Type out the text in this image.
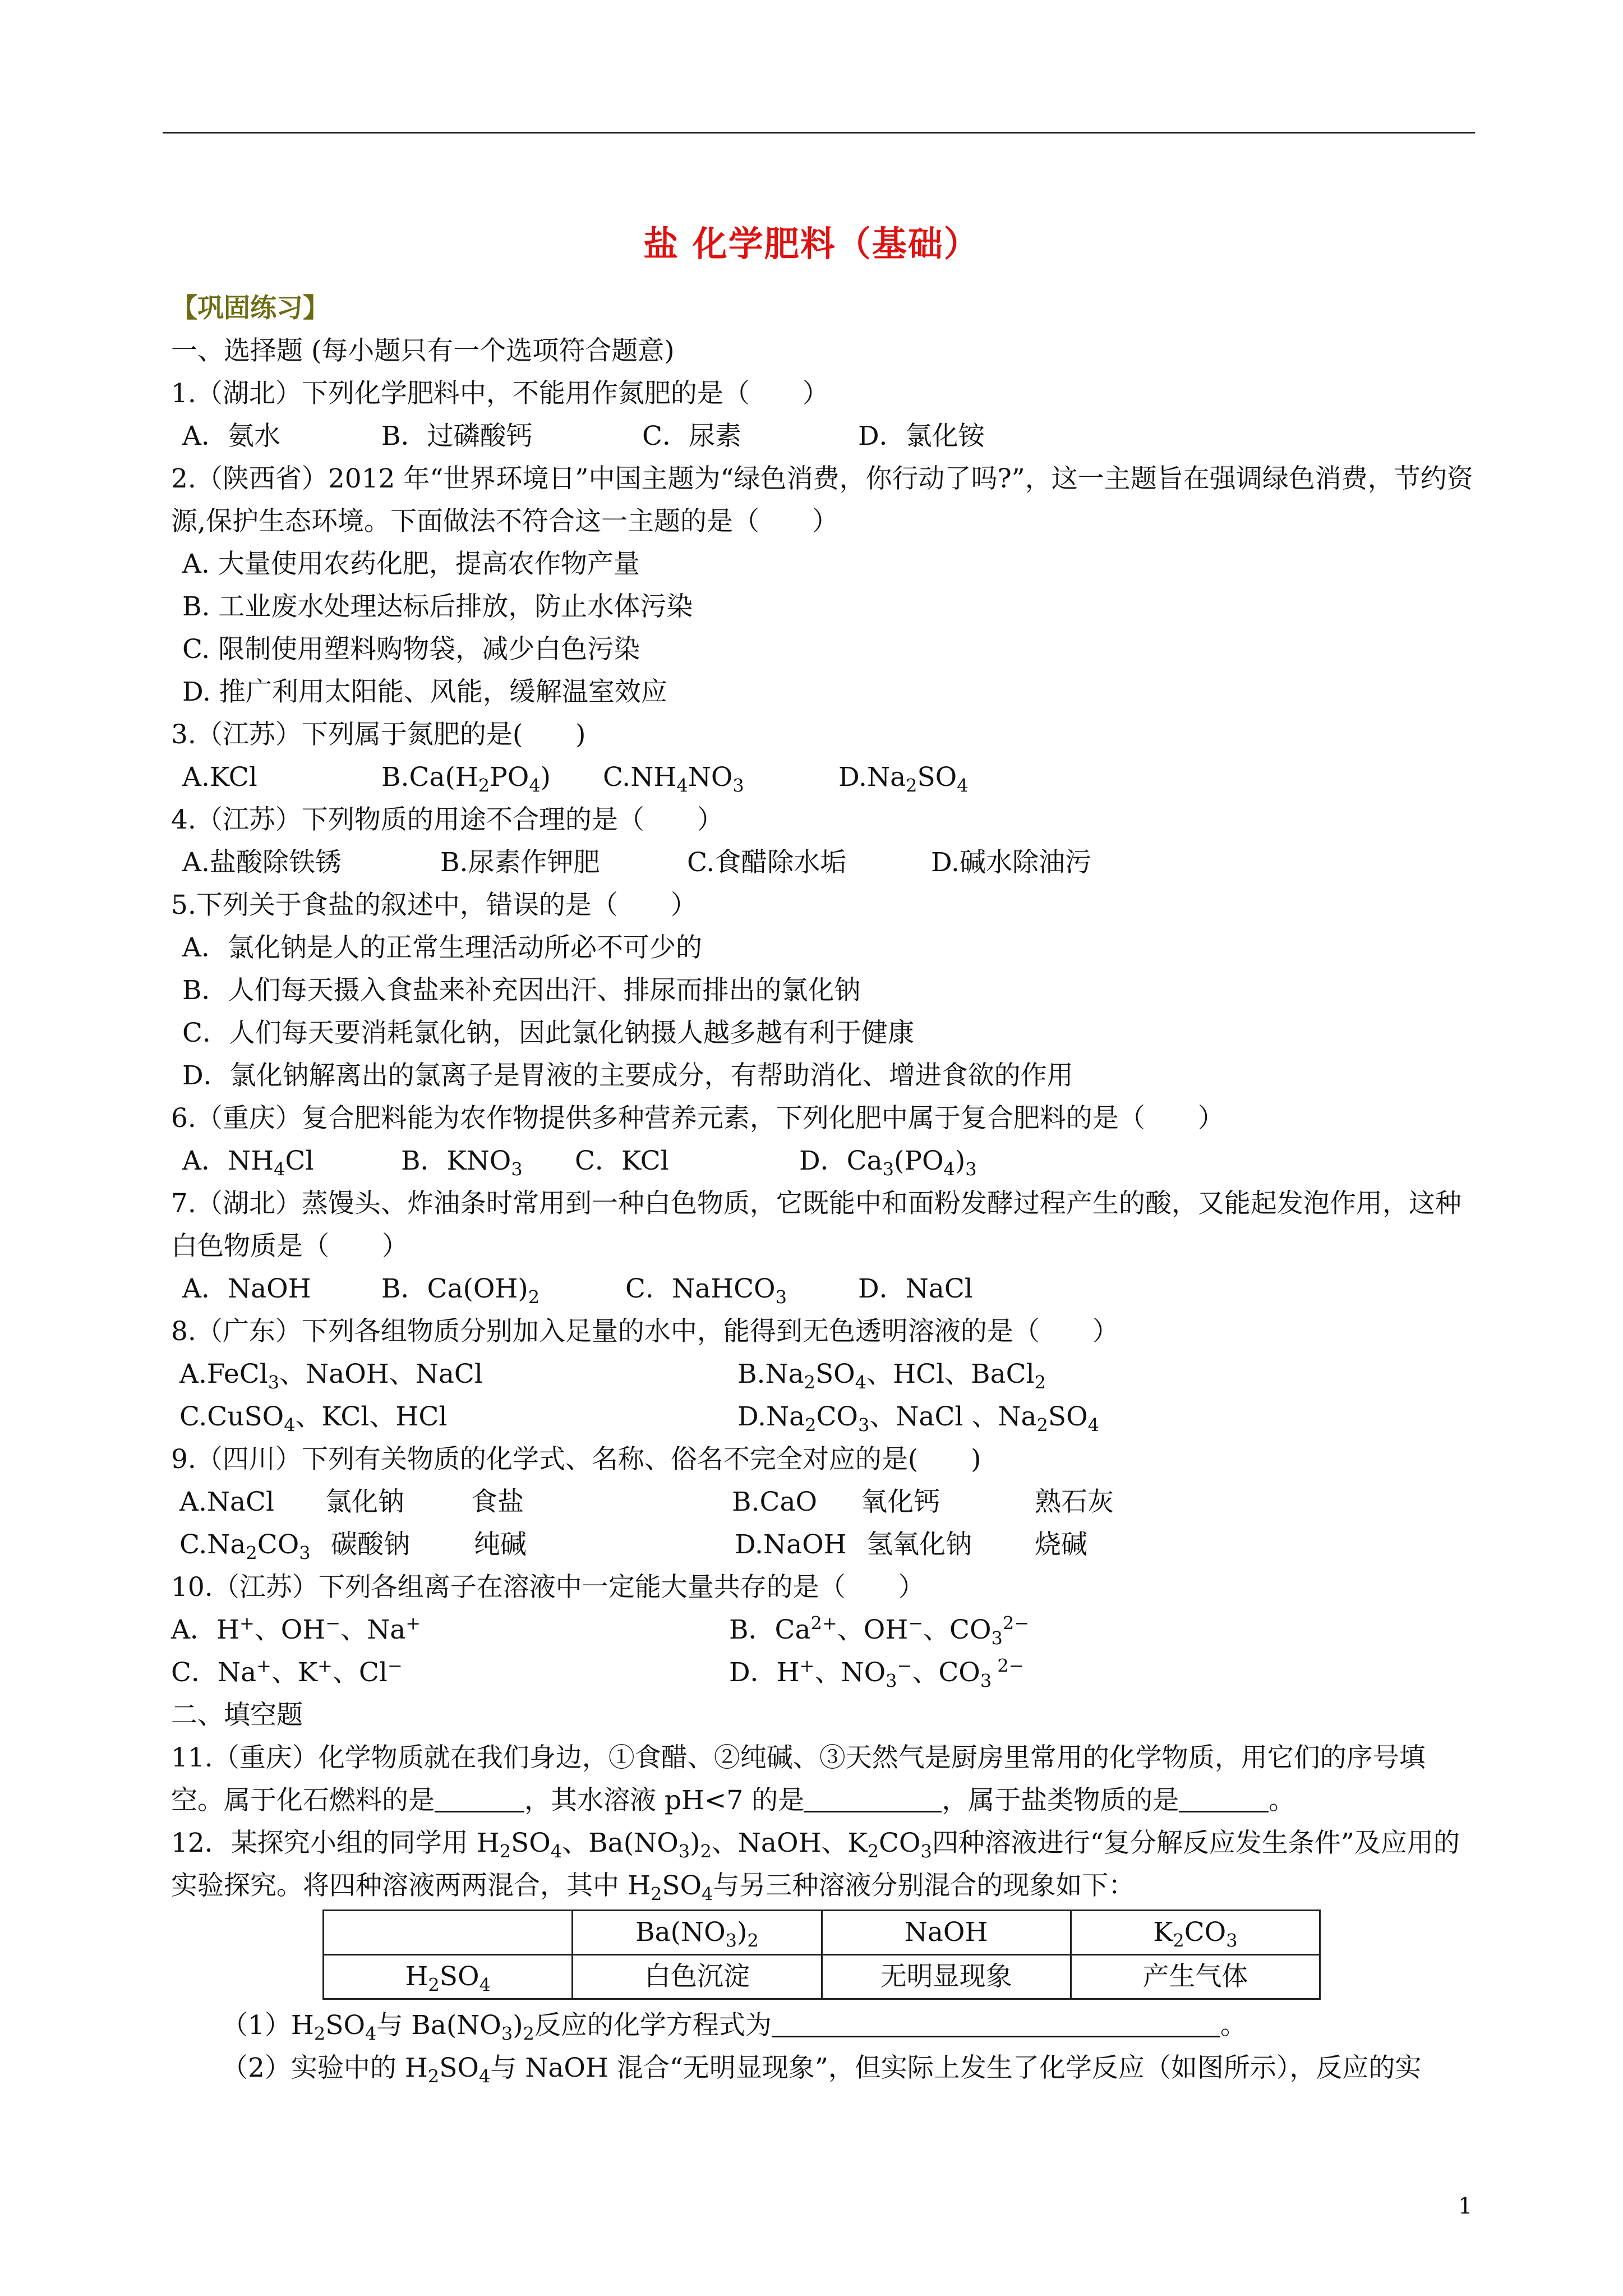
盐 化学肥料（基础）
【巩固练习】
一、选择题 (每小题只有一个选项符合题意)
1.（湖北）下列化学肥料中，不能用作氮肥的是（　　）
A．氨水	B．过磷酸钙	C．尿素	D．氯化铵
2.（陕西省）2012 年“世界环境日”中国主题为“绿色消费，你行动了吗?”，这一主题旨在强调绿色消费，节约资源,保护生态环境。下面做法不符合这一主题的是（　　）
A. 大量使用农药化肥，提高农作物产量
B. 工业废水处理达标后排放，防止水体污染
C. 限制使用塑料购物袋，减少白色污染
D. 推广利用太阳能、风能，缓解温室效应
3.（江苏）下列属于氮肥的是(　　)
A.KCl	$B.Ca(H_2PO_4)$ $C.NH_4NO_3$	$D.Na_2SO_4$
4.（江苏）下列物质的用途不合理的是（　　）
A.盐酸除铁锈	B.尿素作钾肥	C.食醋除水垢	D.碱水除油污
5.下列关于食盐的叙述中，错误的是（　　）
A．氯化钠是人的正常生理活动所必不可少的
B．人们每天摄入食盐来补充因出汗、排尿而排出的氯化钠
C．人们每天要消耗氯化钠，因此氯化钠摄人越多越有利于健康
D．氯化钠解离出的氯离子是胃液的主要成分，有帮助消化、增进食欲的作用
6.（重庆）复合肥料能为农作物提供多种营养元素，下列化肥中属于复合肥料的是（　　）
A．$NH_4Cl$	B．$KNO_3$ C．KCl	D．$Ca_3(PO_4)_3$
7.（湖北）蒸馒头、炸油条时常用到一种白色物质，它既能中和面粉发酵过程产生的酸，又能起发泡作用，这种白色物质是（　　）
A．NaOH	B．$Ca(OH)_2$	C．NaHCO$_3$	D．NaCl
8.（广东）下列各组物质分别加入足量的水中，能得到无色透明溶液的是（　　）
A.FeCl$_3$、NaOH、NaCl	$B.Na_2SO_4$、HCl、BaCl$_2$
C.CuSO$_4$、KCl、HCl	$D.Na_2CO_3$、NaCl 、$Na_2SO_4$
9.（四川）下列有关物质的化学式、名称、俗名不完全对应的是(　　)
A.NaCl 氯化钠	食盐	B.CaO 氧化钙	熟石灰
$C.Na_2CO_3$ 碳酸钠 纯碱	D.NaOH 氢氧化钠 烧碱
10.（江苏）下列各组离子在溶液中一定能大量共存的是（　　）
A．H+、OH−、Na+	B．$Ca^{2+}$、OH−、$CO_3^{2-}$
C．Na+、K+、Cl−	D．H+、$NO_3^-$、$CO_3$ $^{2-}$
二、填空题
11.（重庆）化学物质就在我们身边，①食醋、②纯碱、③天然气是厨房里常用的化学物质，用它们的序号填空。属于化石燃料的是	，其水溶液 pH<7 的是	，属于盐类物质的是	。
12．某探究小组的同学用 $H_2SO_4$、$Ba(NO_3)_2$、NaOH、$K_2CO_3$四种溶液进行“复分解反应发生条件”及应用的
实验探究。将四种溶液两两混合，其中 $H_2SO_4$与另三种溶液分别混合的现象如下：
	$Ba(NO_3)_2$	NaOH	$K_2CO_3$
$H_2SO_4$	白色沉淀	无明显现象	产生气体
$(1)H_2SO_4$与 $Ba(NO_3)_2$反应的化学方程式为	。
（2）实验中的 $H_2SO_4$与 NaOH 混合“无明显现象”，但实际上发生了化学反应（如图所示），反应的实
1
